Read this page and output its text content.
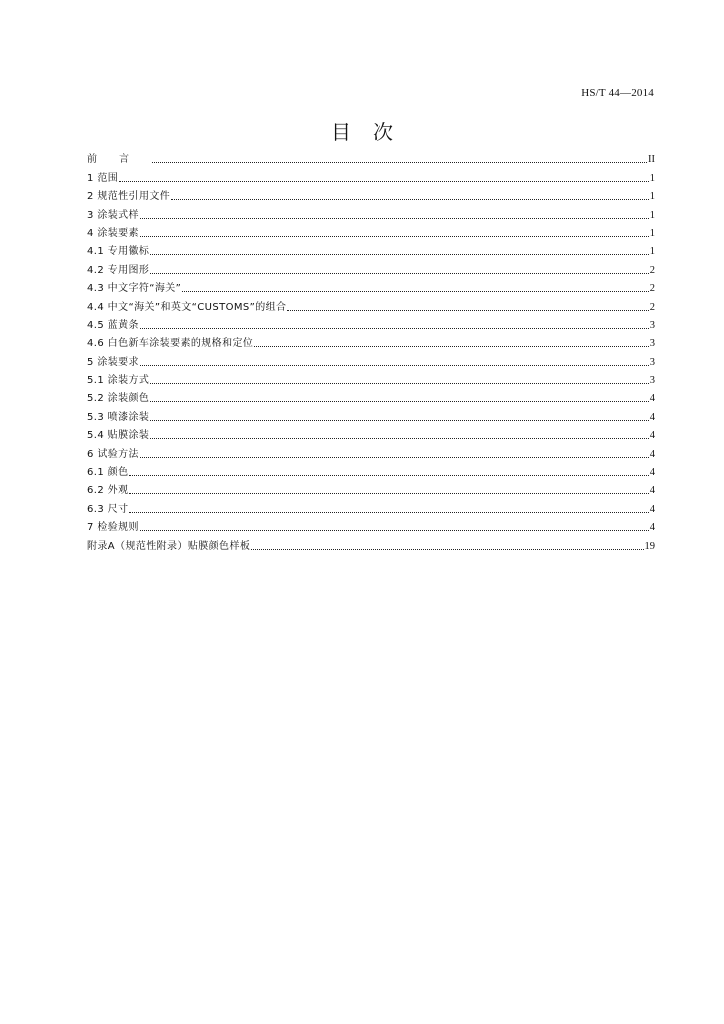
HS/T 44—2014
目次
前言	II
1 范围	1
2 规范性引用文件	1
3 涂装式样	1
4 涂装要素	1
4.1 专用徽标	1
4.2 专用图形	2
4.3 中文字符“海关”	2
4.4 中文“海关”和英文“CUSTOMS”的组合	2
4.5 蓝黄条	3
4.6 白色新车涂装要素的规格和定位	3
5 涂装要求	3
5.1 涂装方式	3
5.2 涂装颜色	4
5.3 喷漆涂装	4
5.4 贴膜涂装	4
6 试验方法	4
6.1 颜色	4
6.2 外观	4
6.3 尺寸	4
7 检验规则	4
附录A（规范性附录）贴膜颜色样板	19
